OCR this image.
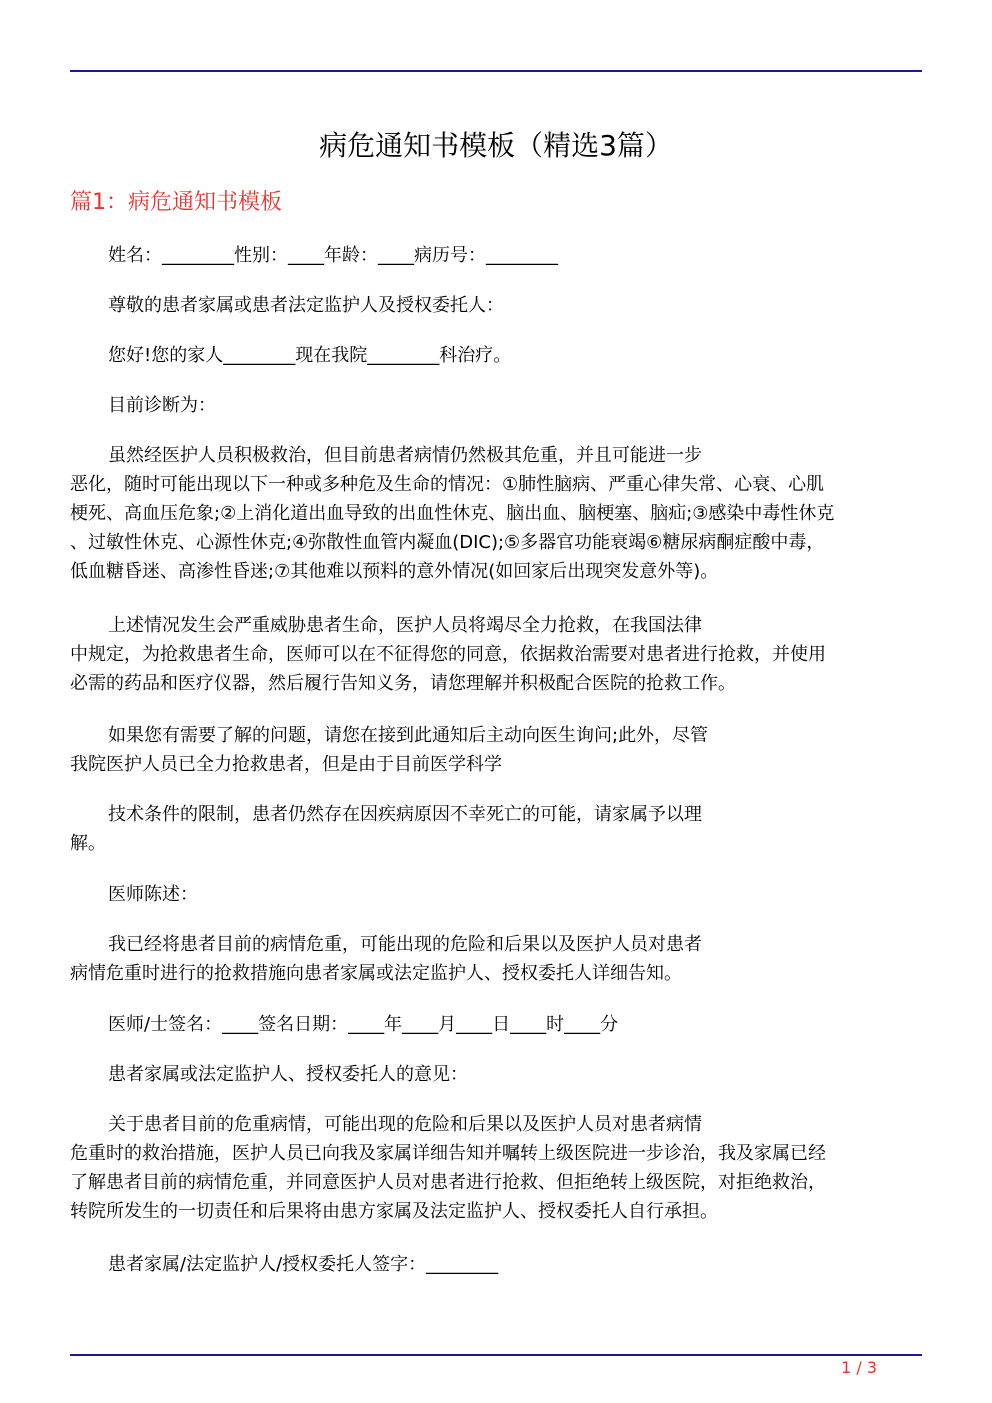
病危通知书模板（精选3篇）
篇1：病危通知书模板
姓名：________性别：____年龄：____病历号：________
尊敬的患者家属或患者法定监护人及授权委托人：
您好!您的家人________现在我院________科治疗。
目前诊断为：
虽然经医护人员积极救治，但目前患者病情仍然极其危重，并且可能进一步
恶化，随时可能出现以下一种或多种危及生命的情况：①肺性脑病、严重心律失常、心衰、心肌
梗死、高血压危象;②上消化道出血导致的出血性休克、脑出血、脑梗塞、脑疝;③感染中毒性休克
、过敏性休克、心源性休克;④弥散性血管内凝血(DIC);⑤多器官功能衰竭⑥糖尿病酮症酸中毒，
低血糖昏迷、高渗性昏迷;⑦其他难以预料的意外情况(如回家后出现突发意外等)。
上述情况发生会严重威胁患者生命，医护人员将竭尽全力抢救，在我国法律
中规定，为抢救患者生命，医师可以在不征得您的同意，依据救治需要对患者进行抢救，并使用
必需的药品和医疗仪器，然后履行告知义务，请您理解并积极配合医院的抢救工作。
如果您有需要了解的问题，请您在接到此通知后主动向医生询问;此外，尽管
我院医护人员已全力抢救患者，但是由于目前医学科学
技术条件的限制，患者仍然存在因疾病原因不幸死亡的可能，请家属予以理
解。
医师陈述：
我已经将患者目前的病情危重，可能出现的危险和后果以及医护人员对患者
病情危重时进行的抢救措施向患者家属或法定监护人、授权委托人详细告知。
医师/士签名：____签名日期：____年____月____日____时____分
患者家属或法定监护人、授权委托人的意见：
关于患者目前的危重病情，可能出现的危险和后果以及医护人员对患者病情
危重时的救治措施，医护人员已向我及家属详细告知并嘱转上级医院进一步诊治，我及家属已经
了解患者目前的病情危重，并同意医护人员对患者进行抢救、但拒绝转上级医院，对拒绝救治，
转院所发生的一切责任和后果将由患方家属及法定监护人、授权委托人自行承担。
患者家属/法定监护人/授权委托人签字：________
1 / 3
